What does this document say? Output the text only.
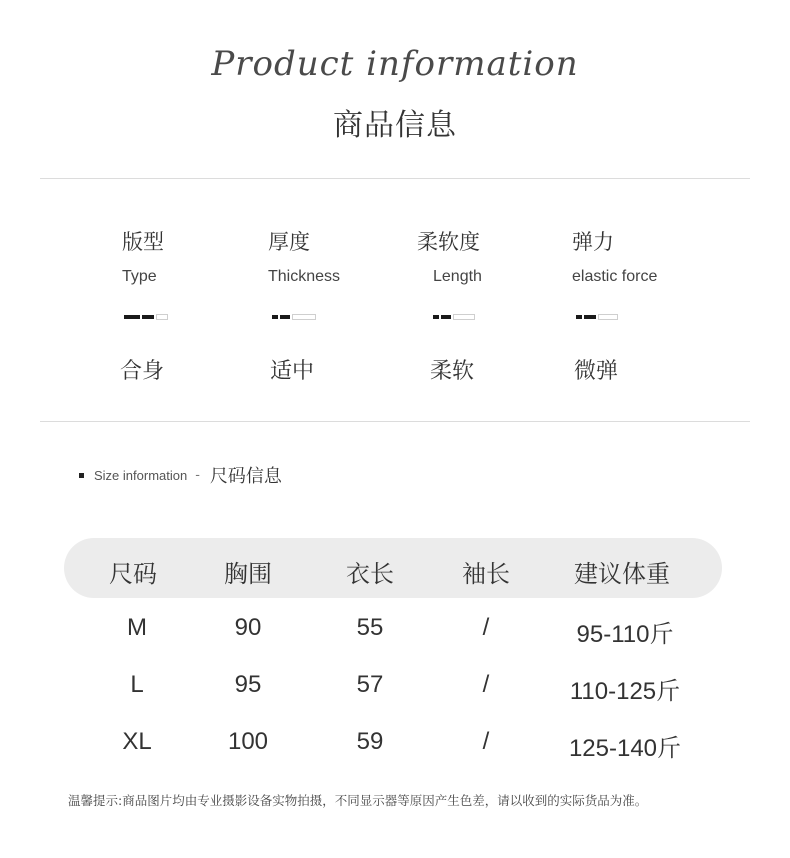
Product information
商品信息
版型
Type
合身
厚度
Thickness
适中
柔软度
Length
柔软
弹力
elastic force
微弹
Size information - 尺码信息
尺码	胸围	衣长	袖长	建议体重
M	90	55	/	95-110斤
L	95	57	/	110-125斤
XL	100	59	/	125-140斤
温馨提示:商品图片均由专业摄影设备实物拍摄，不同显示器等原因产生色差，请以收到的实际货品为准。
